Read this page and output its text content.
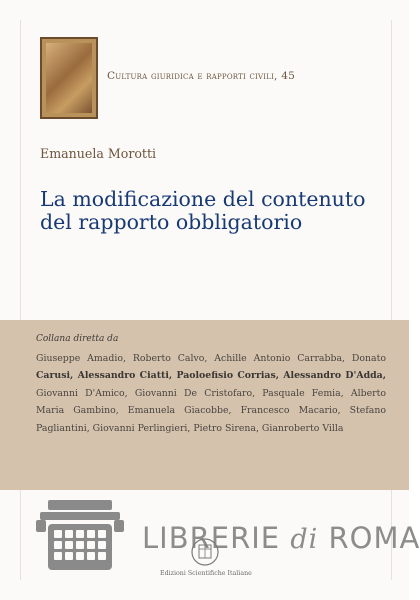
Cultura giuridica e rapporti civili, 45
Emanuela Morotti
La modificazione del contenuto del rapporto obbligatorio
Collana diretta da
Giuseppe Amadio, Roberto Calvo, Achille Antonio Carrabba, Donato Carusi, Alessandro Ciatti, Paoloefisio Corrias, Alessandro D'Adda, Giovanni D'Amico, Giovanni De Cristofaro, Pasquale Femia, Alberto Maria Gambino, Emanuela Giacobbe, Francesco Macario, Stefano Pagliantini, Giovanni Perlingieri, Pietro Sirena, Gianroberto Villa
LIBRERIE di ROMA
Edizioni Scientifiche Italiane
